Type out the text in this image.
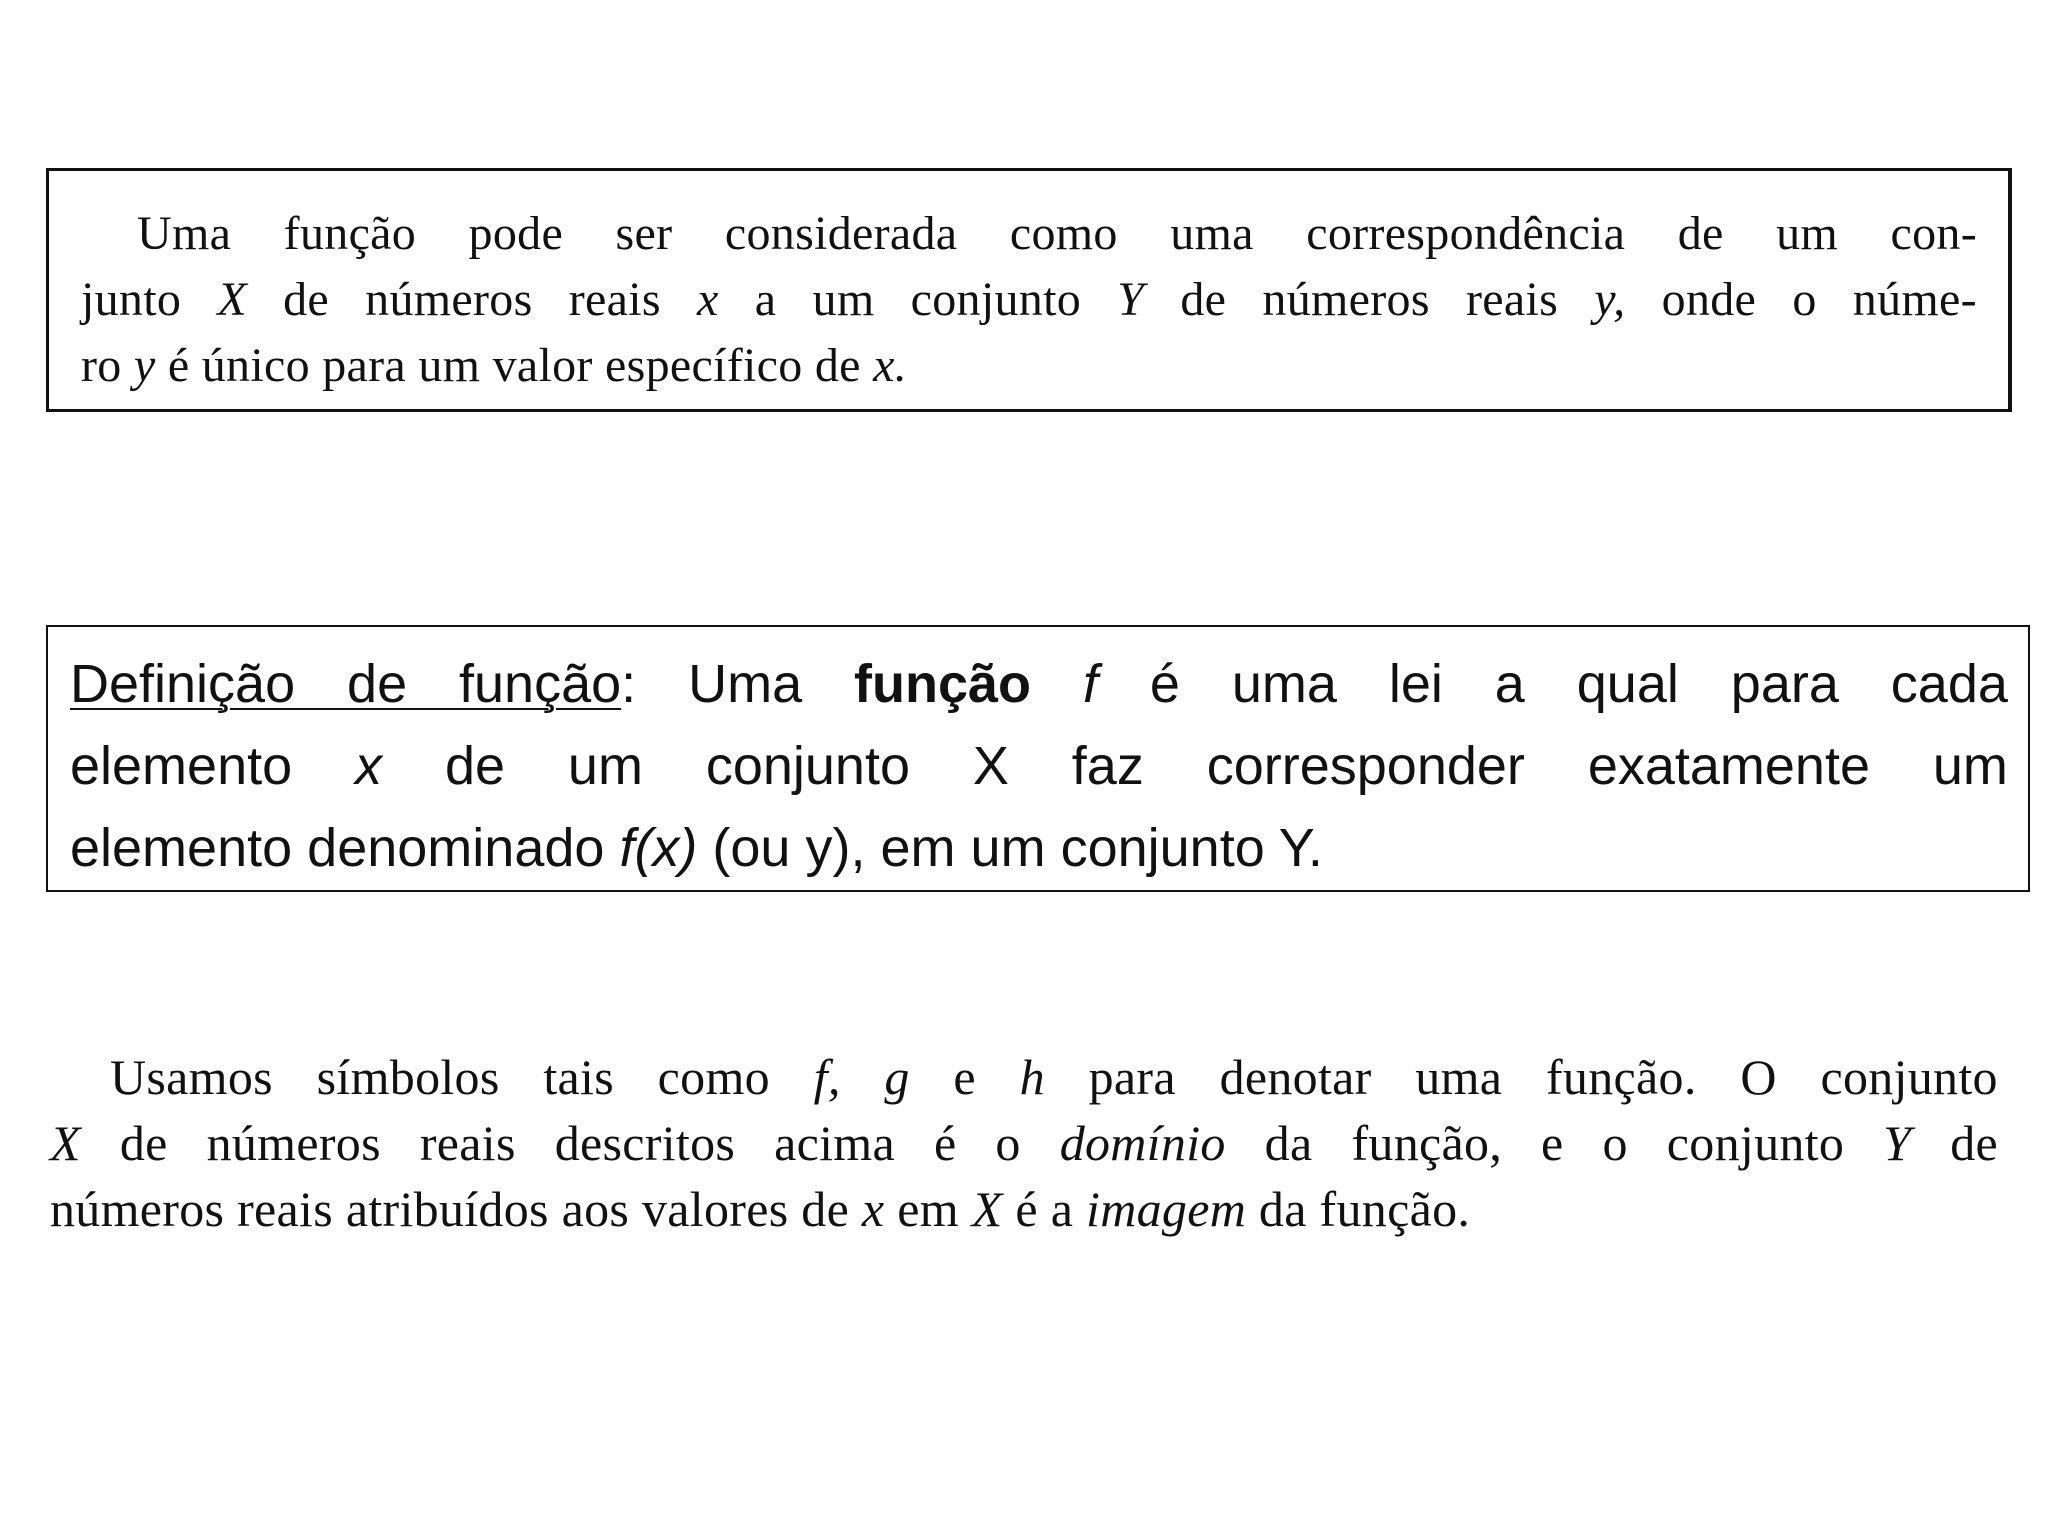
Uma função pode ser considerada como uma correspondência de um con-
junto X de números reais x a um conjunto Y de números reais y, onde o núme-
ro y é único para um valor específico de x.
Definição de função: Uma função f é uma lei a qual para cada
elemento x de um conjunto X faz corresponder exatamente um
elemento denominado f(x) (ou y), em um conjunto Y.
Usamos símbolos tais como f, g e h para denotar uma função. O conjunto
X de números reais descritos acima é o domínio da função, e o conjunto Y de
números reais atribuídos aos valores de x em X é a imagem da função.
